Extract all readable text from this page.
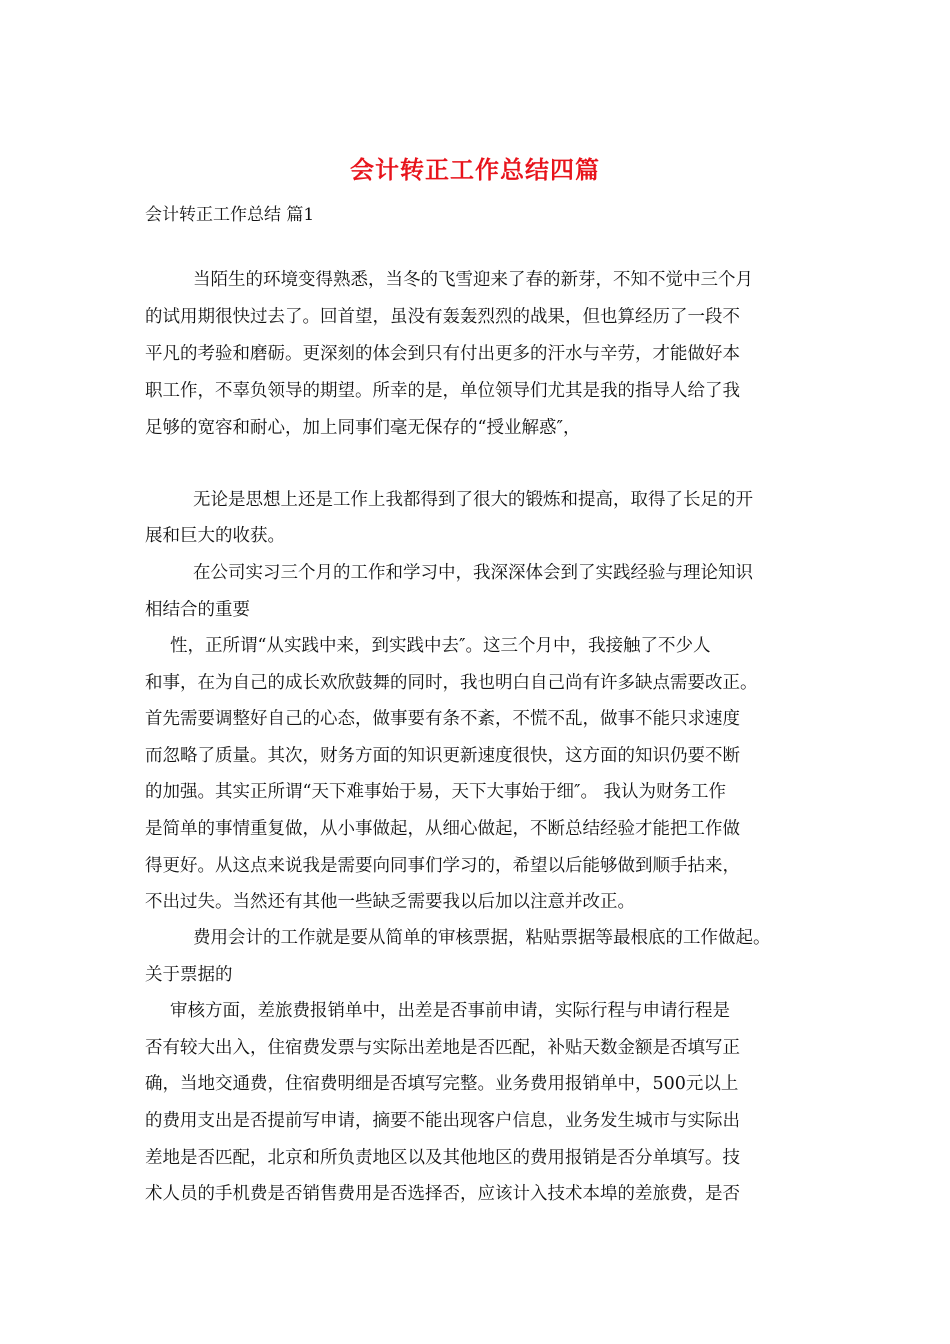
会计转正工作总结四篇
会计转正工作总结 篇1
当陌生的环境变得熟悉，当冬的飞雪迎来了春的新芽，不知不觉中三个月
的试用期很快过去了。回首望，虽没有轰轰烈烈的战果，但也算经历了一段不
平凡的考验和磨砺。更深刻的体会到只有付出更多的汗水与辛劳，才能做好本
职工作，不辜负领导的期望。所幸的是，单位领导们尤其是我的指导人给了我
足够的宽容和耐心，加上同事们毫无保存的“授业解惑″，
无论是思想上还是工作上我都得到了很大的锻炼和提高，取得了长足的开
展和巨大的收获。
在公司实习三个月的工作和学习中，我深深体会到了实践经验与理论知识
相结合的重要
性，正所谓“从实践中来，到实践中去″。这三个月中，我接触了不少人
和事，在为自己的成长欢欣鼓舞的同时，我也明白自己尚有许多缺点需要改正。
首先需要调整好自己的心态，做事要有条不紊，不慌不乱，做事不能只求速度
而忽略了质量。其次，财务方面的知识更新速度很快，这方面的知识仍要不断
的加强。其实正所谓“天下难事始于易，天下大事始于细″。 我认为财务工作
是简单的事情重复做，从小事做起，从细心做起，不断总结经验才能把工作做
得更好。从这点来说我是需要向同事们学习的，希望以后能够做到顺手拈来，
不出过失。当然还有其他一些缺乏需要我以后加以注意并改正。
费用会计的工作就是要从简单的审核票据，粘贴票据等最根底的工作做起。
关于票据的
审核方面，差旅费报销单中，出差是否事前申请，实际行程与申请行程是
否有较大出入，住宿费发票与实际出差地是否匹配，补贴天数金额是否填写正
确，当地交通费，住宿费明细是否填写完整。业务费用报销单中，500元以上
的费用支出是否提前写申请，摘要不能出现客户信息，业务发生城市与实际出
差地是否匹配，北京和所负责地区以及其他地区的费用报销是否分单填写。技
术人员的手机费是否销售费用是否选择否，应该计入技术本埠的差旅费，是否
